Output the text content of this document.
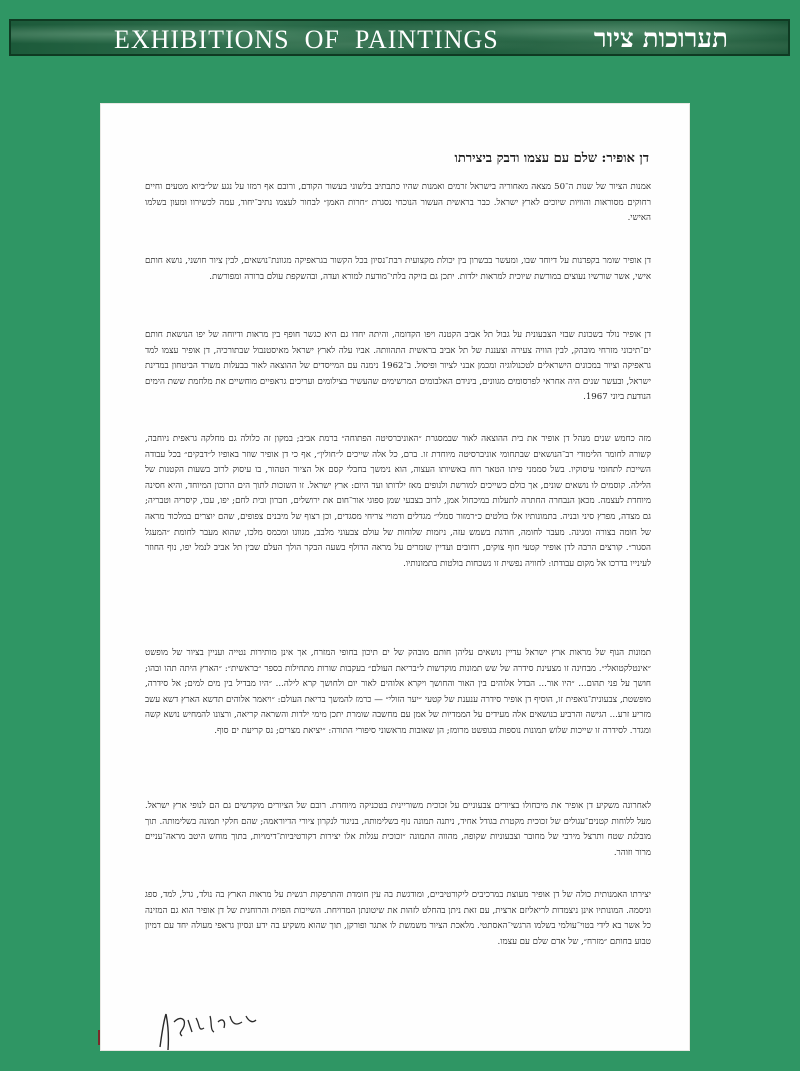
EXHIBITIONS  OF  PAINTINGS	תערוכות ציור
דן אופיר: שלם עם עצמו ודבק ביצירתו

אמנות הציור של שנות ה־50 מצאה מאחוריה בישראל זרמים ואמנות שהיו כתבתיב בלשוני בעשור הקודם, ורובם אף רמזו על נגע של״ביוא מטעים וחיים רחוקים מסוראות והוויות שיוכים לארץ ישראל. כבר בראשית העשור הנוכחי נסגרת ״חרות האמן״ לבחור לעצמו נתיב־יחוד, עמה לכשירוו ומעון בשלמו האישי.

דן אופיר שומר בקפדנות על דיוחד שבו, ומעשר בבשרון בין יכולת מקצועית רבת־נסיון בכל הקשור בגראפיקה מגוונת־נושאים, לבין ציור חושני, נושא חותם אישי, אשר שורשיו נעוצים במורשת שיוכית למראות ילדות. יתכן גם בזיקה בלתי־מודעת למורא ועדה, ובהשקפת עולם ברורה ומפורשת.

דן אופיר נולד בשכונת שבזי הצבעונית על גבול תל אביב הקטנה ויפו הקדומה, והיתה יחדו גם היא כגשר חופף בין מראות ודיוחה של יפו הנושאת חותם ים־תיכוני מזרחי מובהק, לבין הוויה צעירה וצעננת של תל אביב בראשית התהוותה. אביו עלה לארץ ישראל מאיסטנבול שבתורכיה, דן אופיר עצמו למד גראפיקה וציור במכונים הישראלים לטכנולוגיה ומכמן אבני לציור ופיסול. ב־1962 נימנה עם המייסדים של ההוצאה לאור בבעלות משרד הביטחון במדינת ישראל, ובעשר שנים היה אחראי לפרסומים מגוונים, בינידם האלבומים המרשימים שהעשיר בצילומים ועריכים גראפיים מוחשיים את מלחמת ששת הימים הנודעת ביוני 1967.

מזה כחמש שנים מנהל דן אופיר את בית ההוצאה לאור שבמסגרת ״האוניברסיטה הפתוחה״ ברמת אביב; במקון זה כלולה גם מחלקה גראפית ניוחבה, קשורה לחומר הלימודי רב־הנושאים שבתחומי אוניברסיטה מיוחדת זו. ברם, כל אלה שייכים ל״חולין״, אף כי דן אופיר שוזר באופיו ל״דבקים״ בכל עבודה השייכת לתחומי עיסוקיו. בשל סממני פיתו הטאר רוח באשיותו העצוה, הוא נימשך בחבלי קסם אל הציור הטהור, בו עיסוק לרוב בשעות הקטנות של הלילה. קוסמים לו נושאים שונים, אך כולם כשייכים למורשת ולנופים מאז ילדותו ועד היום: ארץ ישראל. זו השזכות לתוך הים הרוכון המיוחד, והיא חסינה מיוחדת לעצמה. מכאן הנבחרה החתרה לתעלות במיכחול אמן, לרוב בצבעי שמן ספוגי אור־חום את ירושלים, חברון ובית לחם; יפו, עכו, קיסריה וטבריה; גם מצדה, מפרץ סיני ובניה. בתמונותיו אלו בולטים כ״רמזור סמלי״ מגדלים ודמויי צריחי מסגדים, וכן רצוף של מיבנים צפופים, שהם יוצרים במלכוד מראה של חומה בצורה ומגינה. מעבר לחומה, חודגת בשמש עזה, ניזמות שלוחות של עולם צבעוני מלבב, מגוונו ומכמס מלכו, שהוא מעבר לחומת ״המעגל הסגור״. קורצים הרבה לדן אופיר קטעי חוף צוקים, רחובים ועדיין שומרים על מראה הדולף בשעה הבקר הולך העלם שבין תל אביב לנמל יפו, נוף החוזר לעינייו בדרכו אל מקום עבודתו: לחוויה נפשית זו נשכחות בולטות בתמונותיו.

תמונות הנוף של מראות ארץ ישראל עדיין נושאים עליהן חותם מובהק של ים תיכון בחופי המזרח, אך אינן מותירות נטייה ועניין בציור של מופשט ״אינטלקטואלי״. מבחינה זו מצעינת סידרה של שש תמונות מוקדשות ל״בריאת העולם״ בעקבות שורות מתחילות בספר ״בראשית״: ״הארץ היתה תהו ובהו; חושך על פני תהום... ״היו אור... הבדל אלוהים בין האור והחושך ויקרא אלוהים לאור יום ולחושך קרא לילה... ״היו מבדיל בין מים למים; אל סידרה, מופשטת, צבעונית־גואפית זו, הוסיף דן אופיר סידרה ענענת של קטעי ״יער הזולי״ — כרמז להמשך בריאת העולם: ״ויאמר אלוהים תדשא הארץ דשא עשב מזריע זרע... הגישה והרביע בנושאים אלה מעידים על הממדיות של אמן עם מחשבה שומרת יתכן מימי ילדות והשראה קריאה, ורצונו להמחיש נושא קשה ומגדר. לסידרה זו שייכות שלוש תמונות נוספות בגופשט מרומז; הן שאובות מראשוני סיפורי התורה: ״יציאת מצרים; נס קריעת ים סוף.

לאחרונה משקיע דן אופיר את מיכחולו בציורים צבעוניים על זכוכית משוריינית בטכניקה מיוחדת. רובם של הציורים מוקדשים גם הם לנופי ארץ ישראל. מעל ללוחות קטנים־עגולים של זכוכית מקטרת בגודל אחיד, ניתנה תמונה נוף בשלימותה, בניגוד לנקרון ציורי הדיוראמה; שהם חלקי תמונה בשלימותה. תוך מובלגת שטח ותרצל מירבי של מחובר וצבעוניות שקופה, מהווה התמונה ״זכוכית עגלות אלו יצירות דקורטיביות־דימויות, בתוך מוחש היטב מראה־עניים מרור וזוהר.

יצירתו האמנותית כולה של דן אופיר מעוצת במרכיבים ליקורטיביים, ומודגשת בה עין חומדת והתרפקות רגשית על מראות הארץ בה נולד, גדל, למד, ספג וניסמה. המונותיו אינן ניצמדות לריאליזם ארצית, עם זאת ניתן בהחלט לזהות את שיטונתן המדויחת. השייכות הפזית והרוחנית של דן אופיר הוא גם המזינה כל אשר בא לידי בטוי־עולמי בשלמו הרגשי־האסתטי. מלאכת הציור משמשת לו אתגר ופורקן, תוך שהוא משקיע בה ידע ונסיון גראפי מעולה יחד עם דמיון טבוע בחותם ״מזרח״, של אדם שלם עם עצמו.
